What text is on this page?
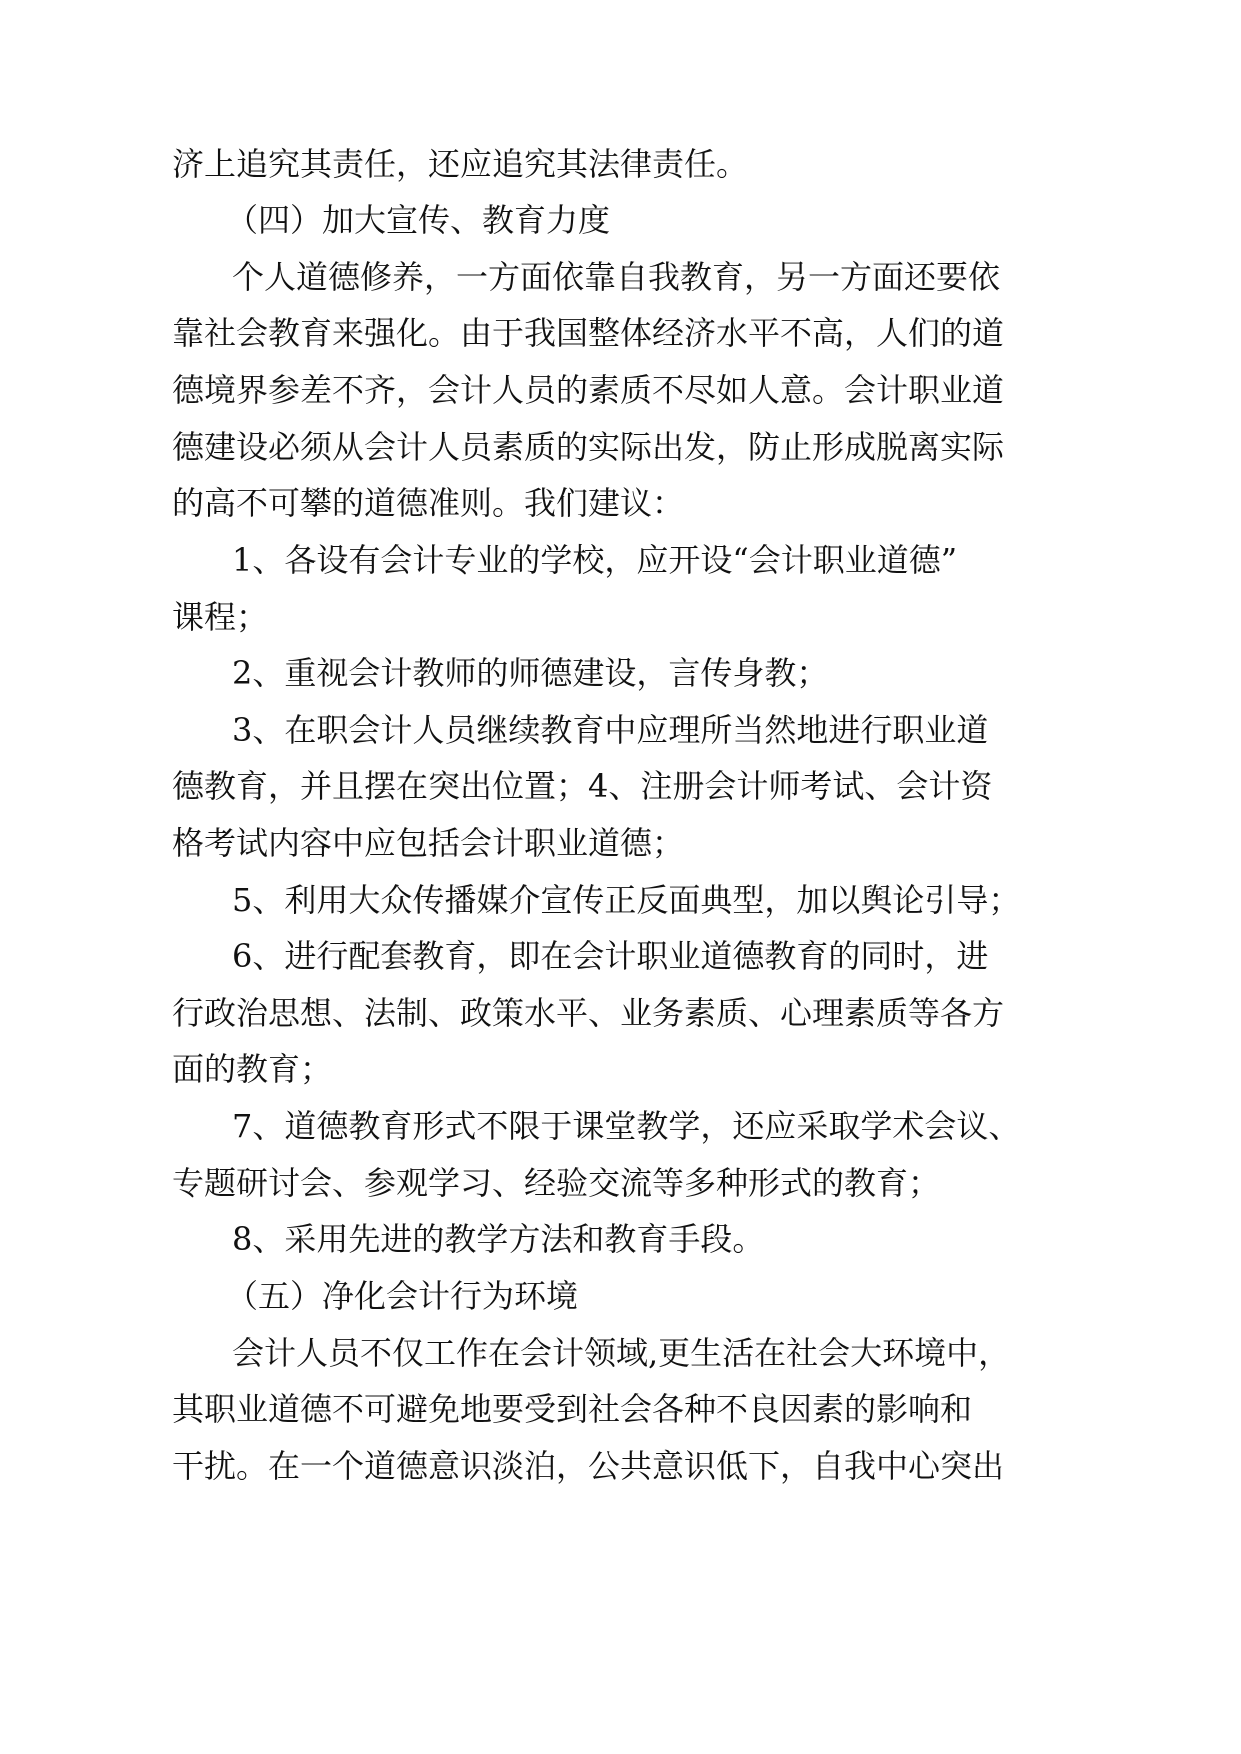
济上追究其责任，还应追究其法律责任。
（四）加大宣传、教育力度
个人道德修养，一方面依靠自我教育，另一方面还要依
靠社会教育来强化。由于我国整体经济水平不高，人们的道
德境界参差不齐，会计人员的素质不尽如人意。会计职业道
德建设必须从会计人员素质的实际出发，防止形成脱离实际
的高不可攀的道德准则。我们建议：
1、各设有会计专业的学校，应开设“会计职业道德”
课程；
2、重视会计教师的师德建设，言传身教；
3、在职会计人员继续教育中应理所当然地进行职业道
德教育，并且摆在突出位置；4、注册会计师考试、会计资
格考试内容中应包括会计职业道德；
5、利用大众传播媒介宣传正反面典型，加以舆论引导；
6、进行配套教育，即在会计职业道德教育的同时，进
行政治思想、法制、政策水平、业务素质、心理素质等各方
面的教育；
7、道德教育形式不限于课堂教学，还应采取学术会议、
专题研讨会、参观学习、经验交流等多种形式的教育；
8、采用先进的教学方法和教育手段。
（五）净化会计行为环境
会计人员不仅工作在会计领域,更生活在社会大环境中，
其职业道德不可避免地要受到社会各种不良因素的影响和
干扰。在一个道德意识淡泊，公共意识低下，自我中心突出
